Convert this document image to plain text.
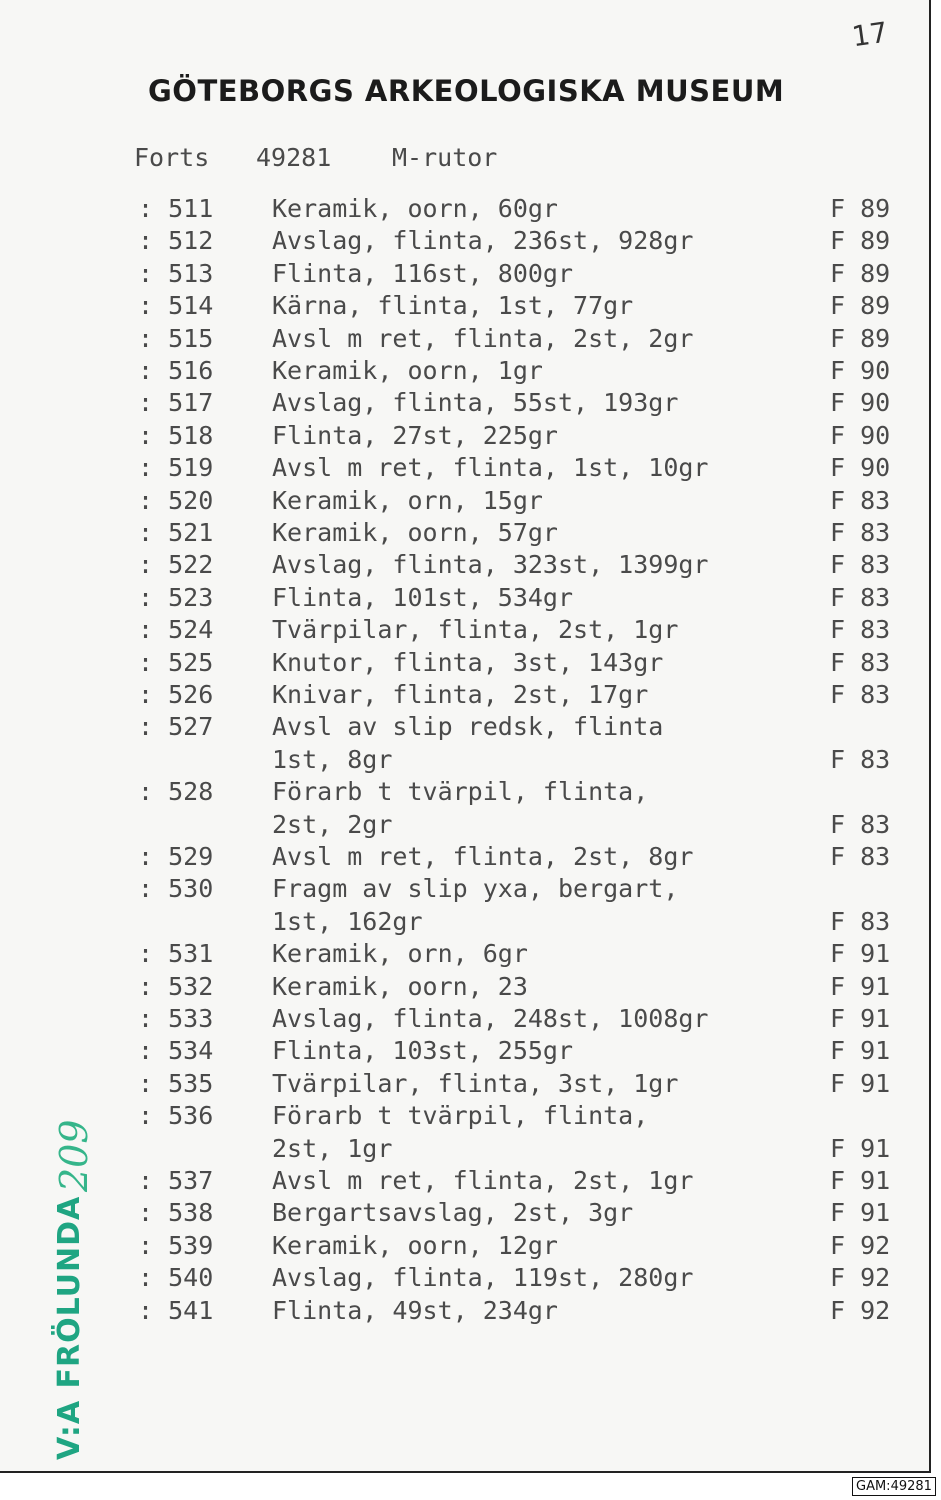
17
GÖTEBORGS ARKEOLOGISKA MUSEUM
Forts 49281 M-rutor
: 511 Keramik, oorn, 60gr	F 89
: 512 Avslag, flinta, 236st, 928gr	F 89
: 513 Flinta, 116st, 800gr	F 89
: 514 Kärna, flinta, 1st, 77gr	F 89
: 515 Avsl m ret, flinta, 2st, 2gr	F 89
: 516 Keramik, oorn, 1gr	F 90
: 517 Avslag, flinta, 55st, 193gr	F 90
: 518 Flinta, 27st, 225gr	F 90
: 519 Avsl m ret, flinta, 1st, 10gr	F 90
: 520 Keramik, orn, 15gr	F 83
: 521 Keramik, oorn, 57gr	F 83
: 522 Avslag, flinta, 323st, 1399gr	F 83
: 523 Flinta, 101st, 534gr	F 83
: 524 Tvärpilar, flinta, 2st, 1gr	F 83
: 525 Knutor, flinta, 3st, 143gr	F 83
: 526 Knivar, flinta, 2st, 17gr	F 83
: 527 Avsl av slip redsk, flinta
1st, 8gr	F 83
: 528 Förarb t tvärpil, flinta,
2st, 2gr	F 83
: 529 Avsl m ret, flinta, 2st, 8gr	F 83
: 530 Fragm av slip yxa, bergart,
1st, 162gr	F 83
: 531 Keramik, orn, 6gr	F 91
: 532 Keramik, oorn, 23	F 91
: 533 Avslag, flinta, 248st, 1008gr	F 91
: 534 Flinta, 103st, 255gr	F 91
: 535 Tvärpilar, flinta, 3st, 1gr	F 91
: 536 Förarb t tvärpil, flinta,
2st, 1gr	F 91
: 537 Avsl m ret, flinta, 2st, 1gr	F 91
: 538 Bergartsavslag, 2st, 3gr	F 91
: 539 Keramik, oorn, 12gr	F 92
: 540 Avslag, flinta, 119st, 280gr	F 92
: 541 Flinta, 49st, 234gr	F 92
209
V:A FRÖLUNDA
GAM:49281
